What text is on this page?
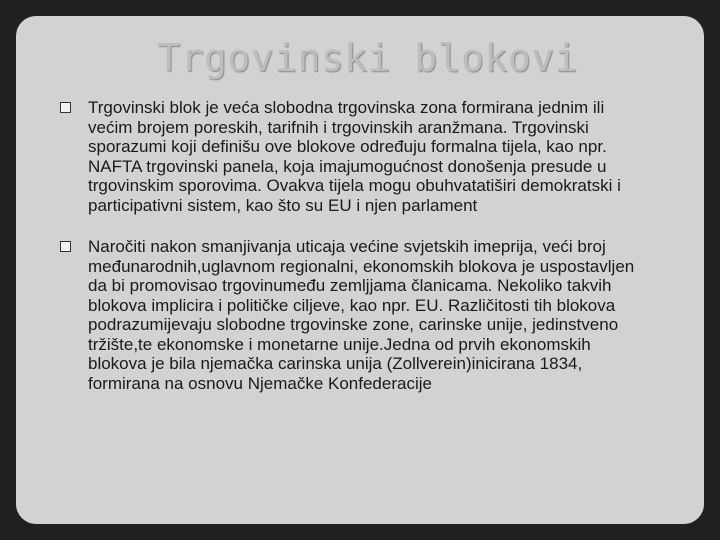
Trgovinski blokovi
Trgovinski blok je veća slobodna trgovinska zona formirana jednim ili većim brojem poreskih, tarifnih i trgovinskih aranžmana. Trgovinski sporazumi koji definišu ove blokove određuju formalna tijela, kao npr. NAFTA trgovinski panela, koja imajumogućnost donošenja presude u trgovinskim sporovima. Ovakva tijela mogu obuhvatatiširi demokratski i participativni sistem, kao što su EU i njen parlament
Naročiti nakon smanjivanja uticaja većine svjetskih imeprija, veći broj međunarodnih,uglavnom regionalni, ekonomskih blokova je uspostavljen da bi promovisao trgovinumeđu zemljjama članicama. Nekoliko takvih blokova implicira i političke ciljeve, kao npr. EU. Različitosti tih blokova podrazumijevaju slobodne trgovinske zone, carinske unije, jedinstveno tržište,te ekonomske i monetarne unije.Jedna od prvih ekonomskih blokova je bila njemačka carinska unija (Zollverein)inicirana 1834, formirana na osnovu Njemačke Konfederacije
